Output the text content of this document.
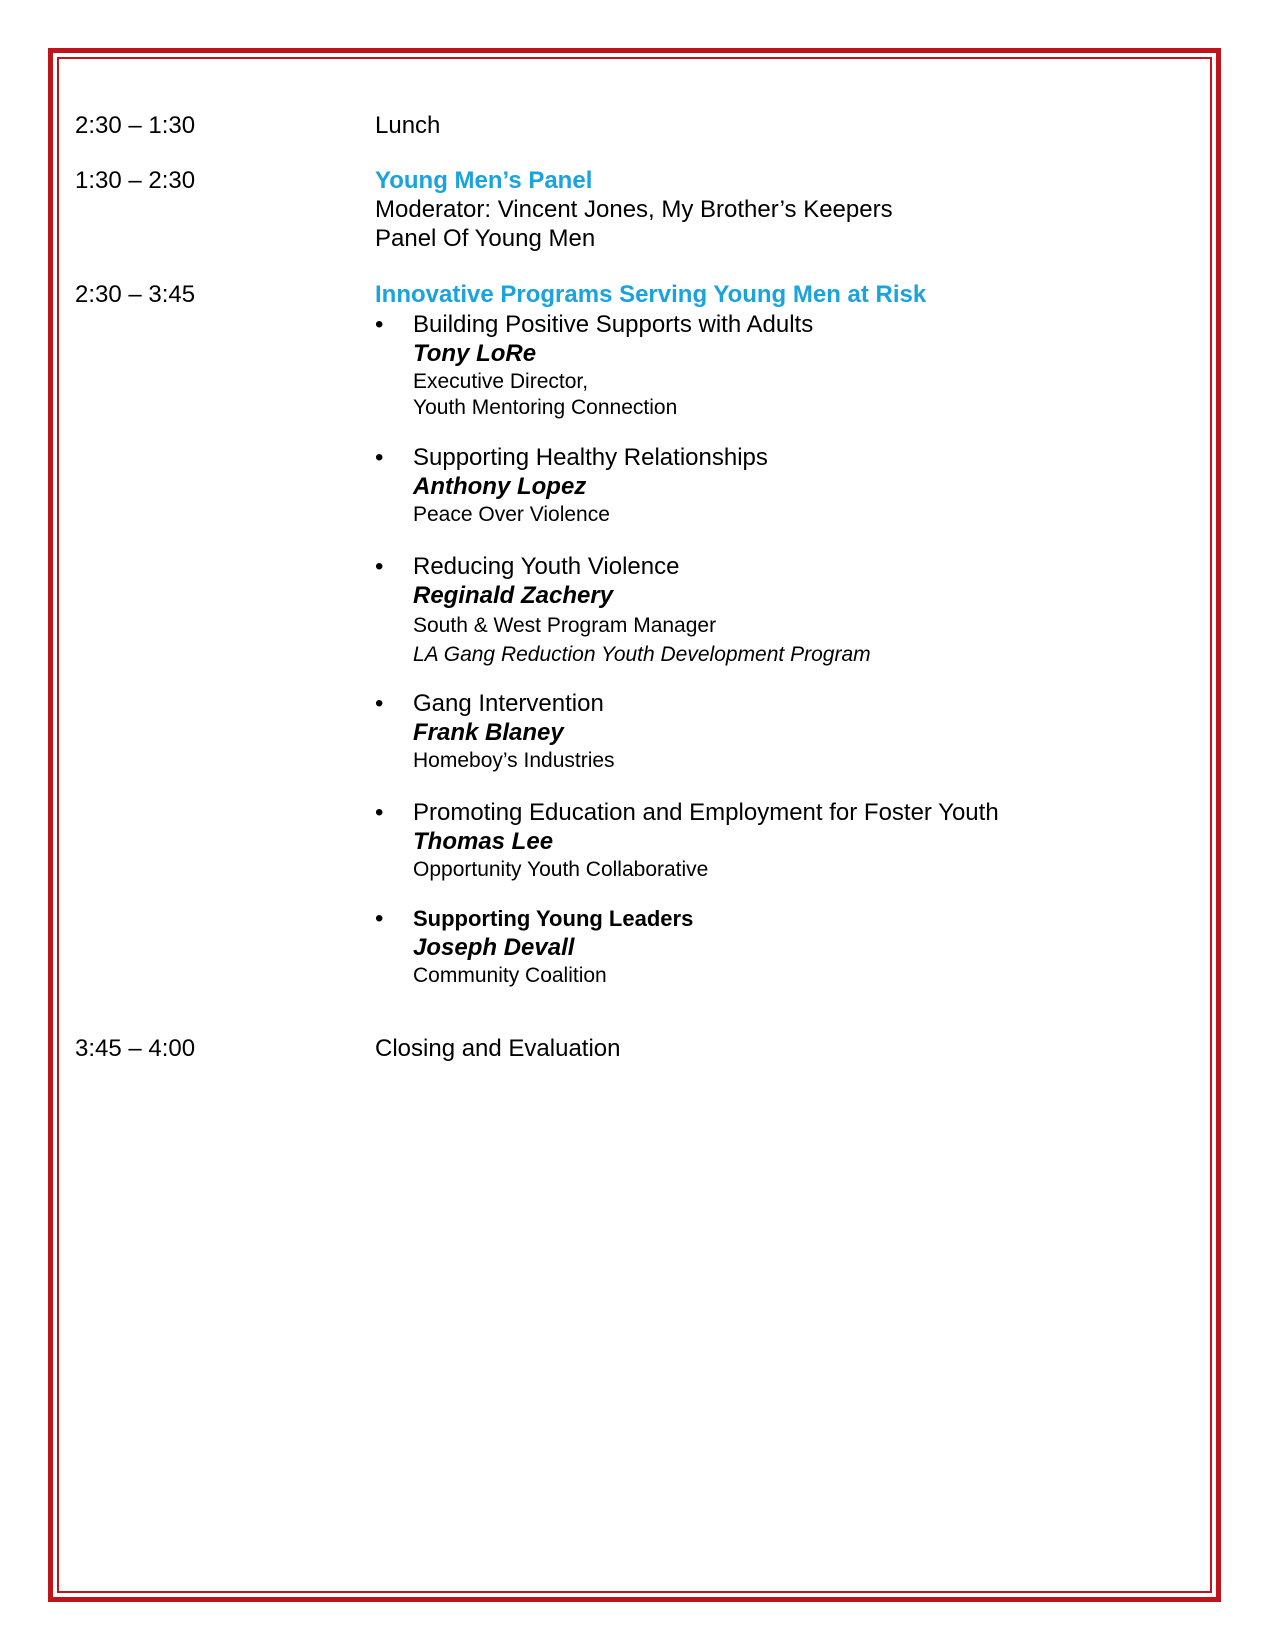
2:30 – 1:30	Lunch
1:30 – 2:30	Young Men’s Panel
Moderator: Vincent Jones, My Brother’s Keepers
Panel Of Young Men
2:30 – 3:45	Innovative Programs Serving Young Men at Risk
• Building Positive Supports with Adults
Tony LoRe
Executive Director,
Youth Mentoring Connection
• Supporting Healthy Relationships
Anthony Lopez
Peace Over Violence
• Reducing Youth Violence
Reginald Zachery
South & West Program Manager
LA Gang Reduction Youth Development Program
• Gang Intervention
Frank Blaney
Homeboy’s Industries
• Promoting Education and Employment for Foster Youth
Thomas Lee
Opportunity Youth Collaborative
• Supporting Young Leaders
Joseph Devall
Community Coalition
3:45 – 4:00	Closing and Evaluation
